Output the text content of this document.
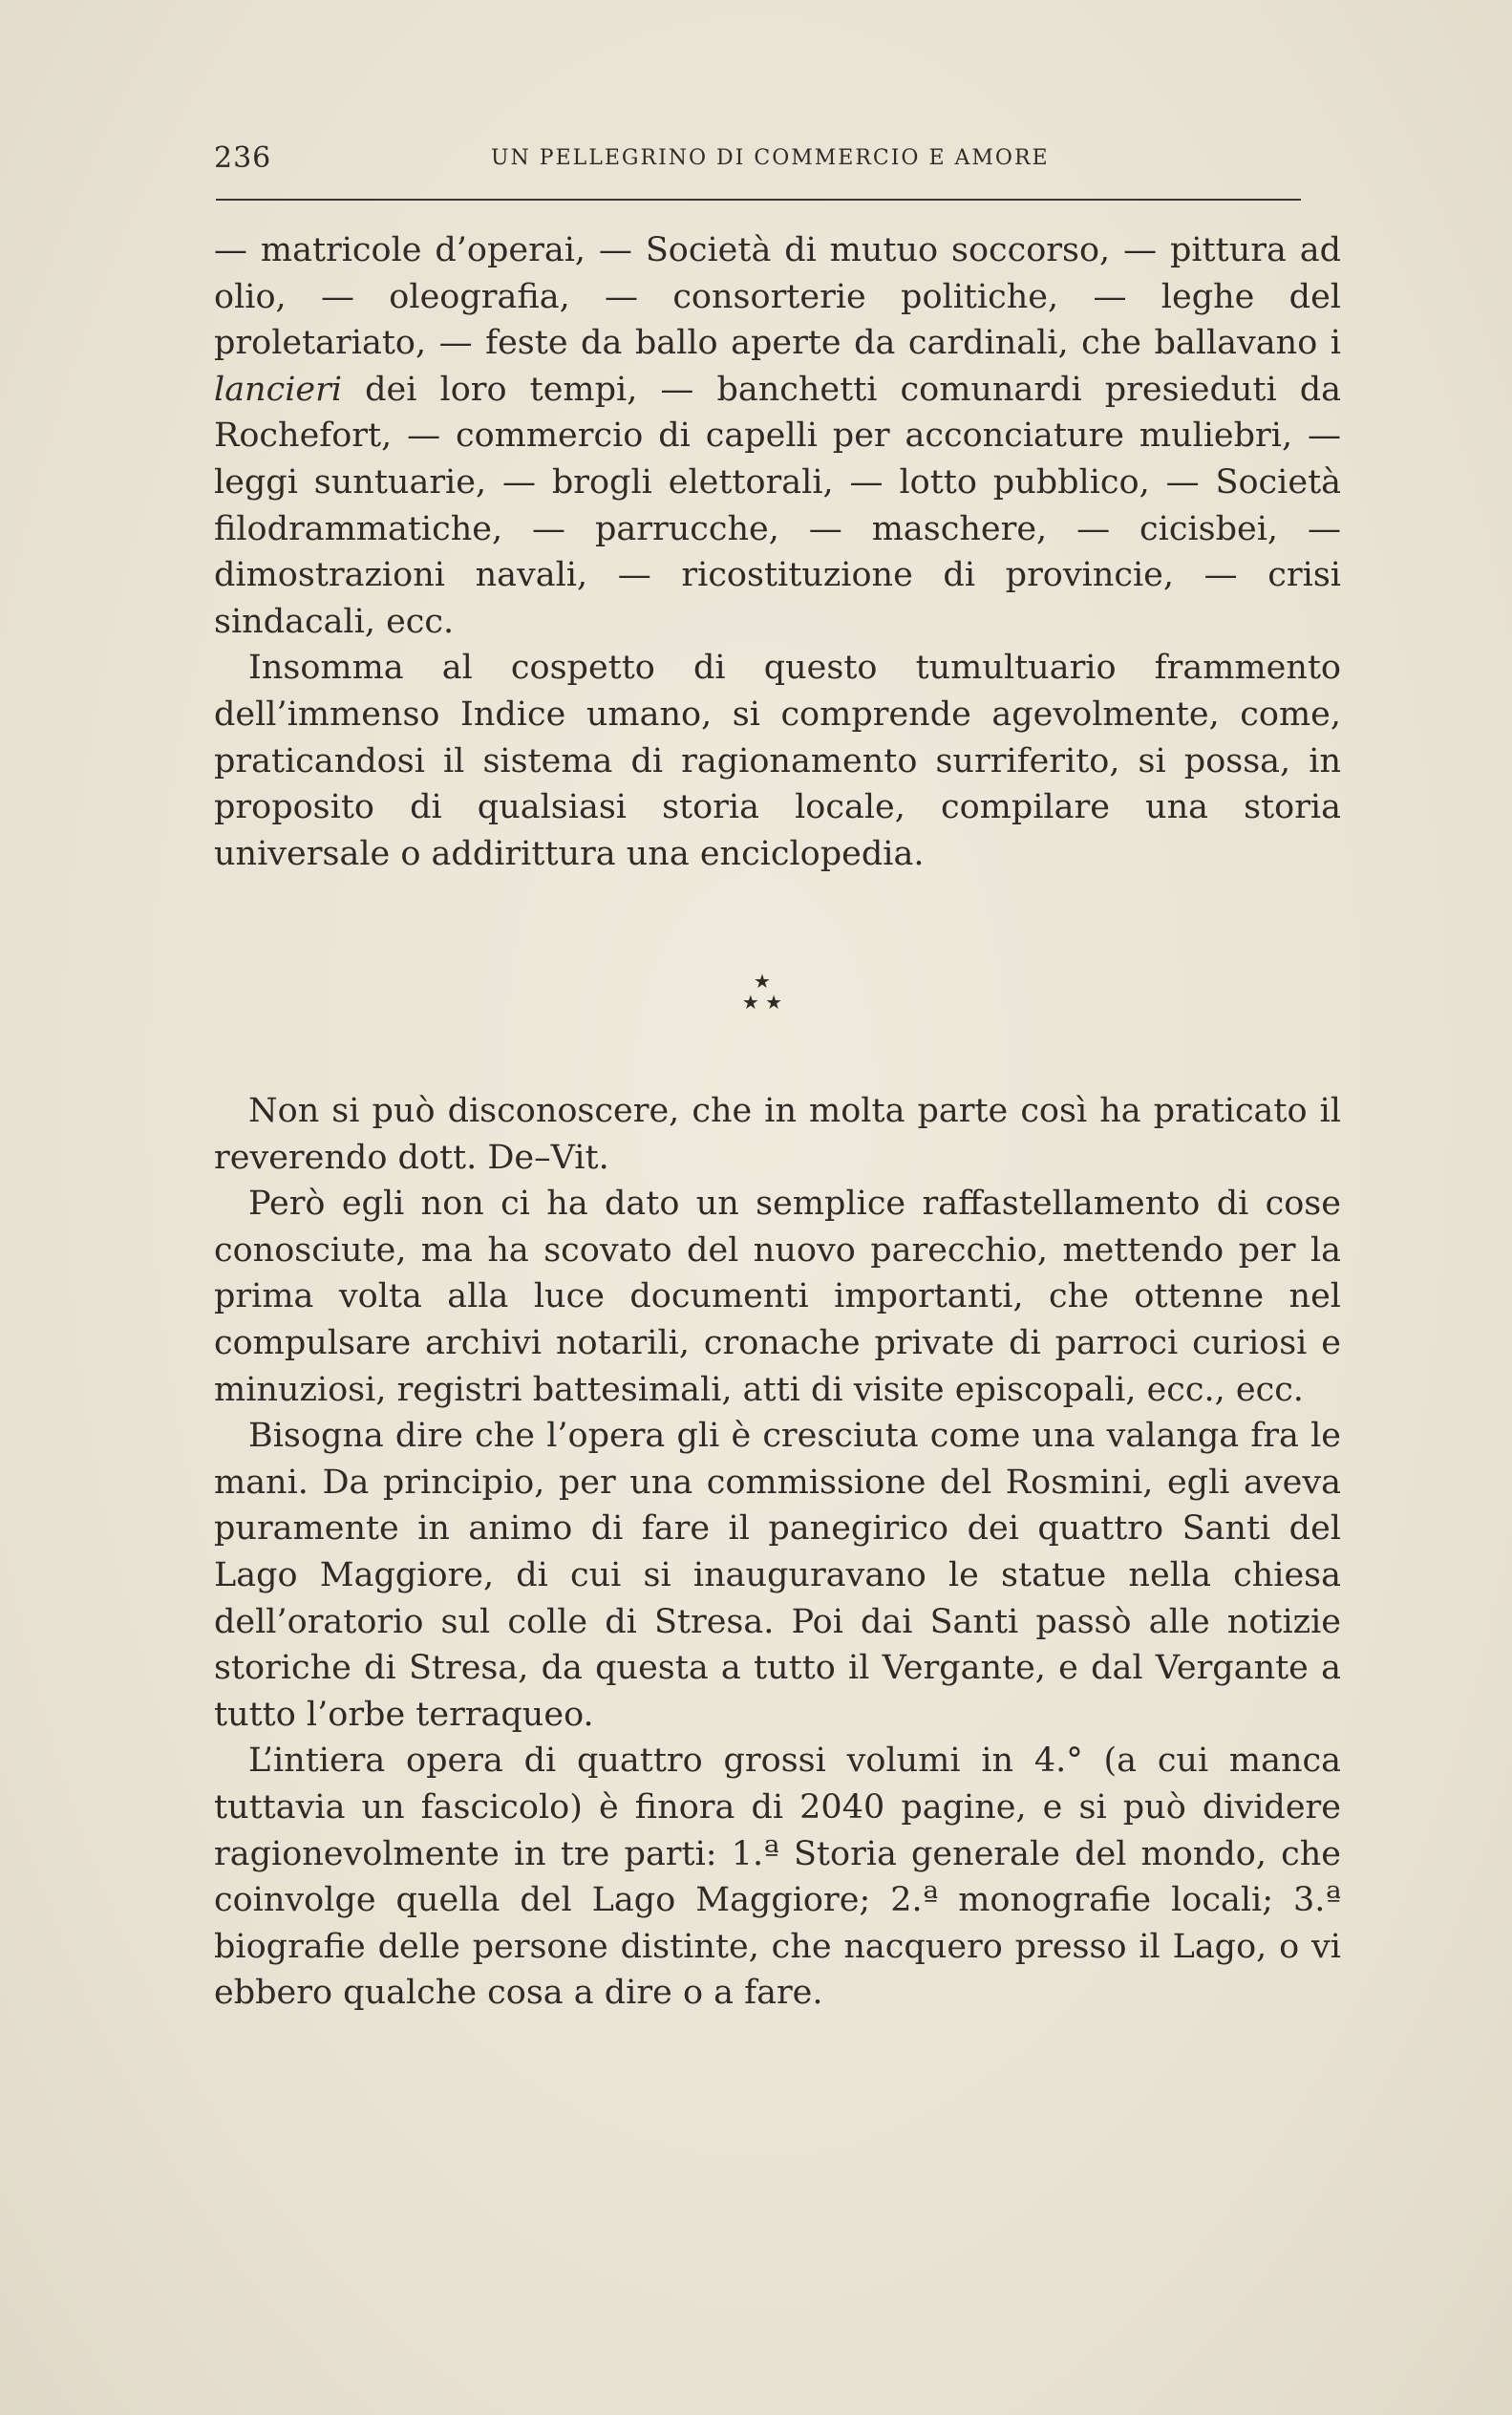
236	UN PELLEGRINO DI COMMERCIO E AMORE

— matricole d’operai, — Società di mutuo soccorso, — pittura ad olio, — oleografia, — consorterie politiche, — leghe del proletariato, — feste da ballo aperte da cardinali, che ballavano i lancieri dei loro tempi, — banchetti comunardi presieduti da Rochefort, — commercio di capelli per acconciature muliebri, — leggi suntuarie, — brogli elettorali, — lotto pubblico, — Società filodrammatiche, — parrucche, — maschere, — cicisbei, — dimostrazioni navali, — ricostituzione di provincie, — crisi sindacali, ecc.

Insomma al cospetto di questo tumultuario frammento dell’immenso Indice umano, si comprende agevolmente, come, praticandosi il sistema di ragionamento surriferito, si possa, in proposito di qualsiasi storia locale, compilare una storia universale o addirittura una enciclopedia.

★
★ ★

Non si può disconoscere, che in molta parte così ha praticato il reverendo dott. De–Vit.

Però egli non ci ha dato un semplice raffastellamento di cose conosciute, ma ha scovato del nuovo parecchio, mettendo per la prima volta alla luce documenti importanti, che ottenne nel compulsare archivi notarili, cronache private di parroci curiosi e minuziosi, registri battesimali, atti di visite episcopali, ecc., ecc.

Bisogna dire che l’opera gli è cresciuta come una valanga fra le mani. Da principio, per una commissione del Rosmini, egli aveva puramente in animo di fare il panegirico dei quattro Santi del Lago Maggiore, di cui si inauguravano le statue nella chiesa dell’oratorio sul colle di Stresa. Poi dai Santi passò alle notizie storiche di Stresa, da questa a tutto il Vergante, e dal Vergante a tutto l’orbe terraqueo.

L’intiera opera di quattro grossi volumi in 4.° (a cui manca tuttavia un fascicolo) è finora di 2040 pagine, e si può dividere ragionevolmente in tre parti: 1.ª Storia generale del mondo, che coinvolge quella del Lago Maggiore; 2.ª monografie locali; 3.ª biografie delle persone distinte, che nacquero presso il Lago, o vi ebbero qualche cosa a dire o a fare.
